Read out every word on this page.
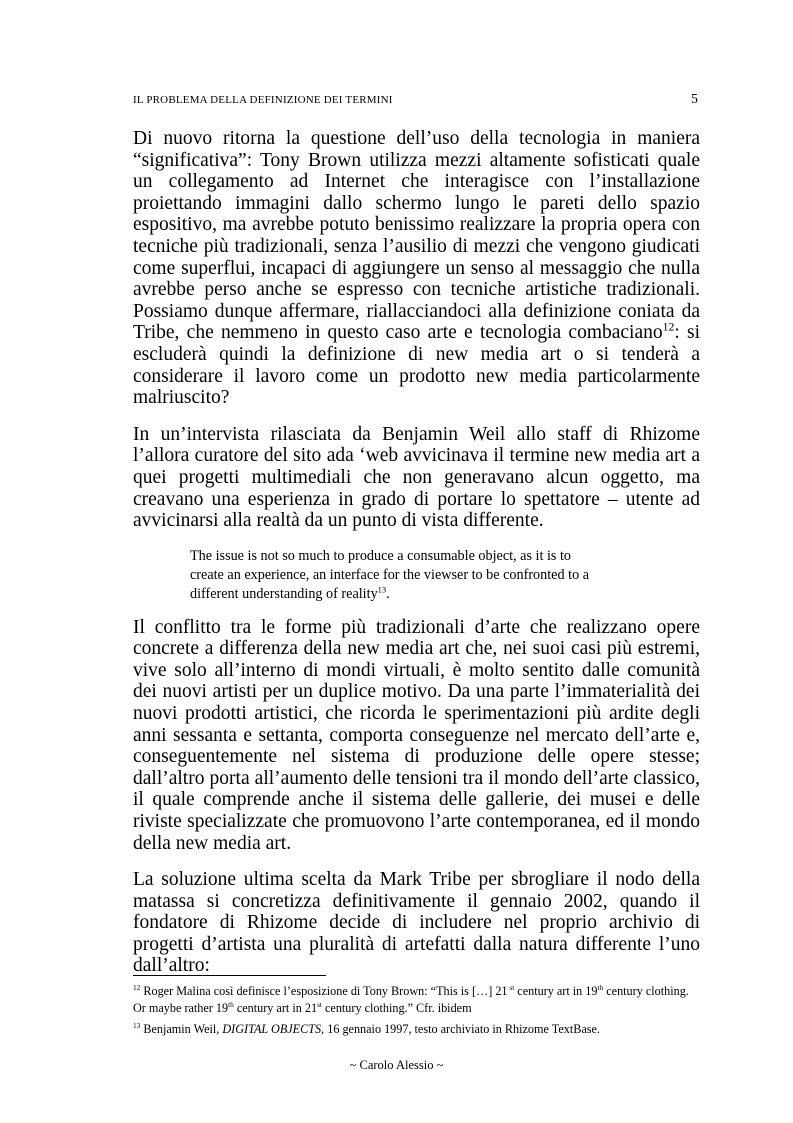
IL PROBLEMA DELLA DEFINIZIONE DEI TERMINI	5

Di nuovo ritorna la questione dell’uso della tecnologia in maniera “significativa”: Tony Brown utilizza mezzi altamente sofisticati quale un collegamento ad Internet che interagisce con l’installazione proiettando immagini dallo schermo lungo le pareti dello spazio espositivo, ma avrebbe potuto benissimo realizzare la propria opera con tecniche più tradizionali, senza l’ausilio di mezzi che vengono giudicati come superflui, incapaci di aggiungere un senso al messaggio che nulla avrebbe perso anche se espresso con tecniche artistiche tradizionali. Possiamo dunque affermare, riallacciandoci alla definizione coniata da Tribe, che nemmeno in questo caso arte e tecnologia combaciano$^{12}$: si escluderà quindi la definizione di new media art o si tenderà a considerare il lavoro come un prodotto new media particolarmente malriuscito?

In un’intervista rilasciata da Benjamin Weil allo staff di Rhizome l’allora curatore del sito ada ‘web avvicinava il termine new media art a quei progetti multimediali che non generavano alcun oggetto, ma creavano una esperienza in grado di portare lo spettatore – utente ad avvicinarsi alla realtà da un punto di vista differente.

The issue is not so much to produce a consumable object, as it is to
create an experience, an interface for the viewser to be confronted to a
different understanding of reality$^{13}$.

Il conflitto tra le forme più tradizionali d’arte che realizzano opere concrete a differenza della new media art che, nei suoi casi più estremi, vive solo all’interno di mondi virtuali, è molto sentito dalle comunità dei nuovi artisti per un duplice motivo. Da una parte l’immaterialità dei nuovi prodotti artistici, che ricorda le sperimentazioni più ardite degli anni sessanta e settanta, comporta conseguenze nel mercato dell’arte e, conseguentemente nel sistema di produzione delle opere stesse; dall’altro porta all’aumento delle tensioni tra il mondo dell’arte classico, il quale comprende anche il sistema delle gallerie, dei musei e delle riviste specializzate che promuovono l’arte contemporanea, ed il mondo della new media art.

La soluzione ultima scelta da Mark Tribe per sbrogliare il nodo della matassa si concretizza definitivamente il gennaio 2002, quando il fondatore di Rhizome decide di includere nel proprio archivio di progetti d’artista una pluralità di artefatti dalla natura differente l’uno dall’altro:

$^{12}$ Roger Malina così definisce l’esposizione di Tony Brown: “This is […] 21 $^{st}$ century art in 19th century clothing. Or maybe rather 19th century art in 21st century clothing.” Cfr. ibidem

$^{13}$ Benjamin Weil, DIGITAL OBJECTS, 16 gennaio 1997, testo archiviato in Rhizome TextBase.

~ Carolo Alessio ~
